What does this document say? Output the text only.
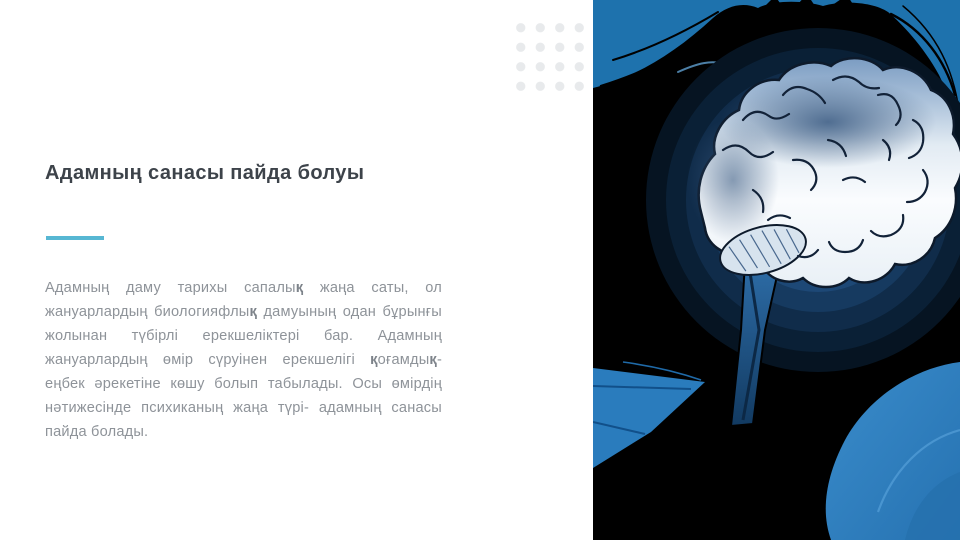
Адамның санасы пайда болуы
Адамның даму тарихы сапалық жаңа саты, ол жануарлардың биологияфлық дамуының одан бұрынғы жолынан түбірлі ерекшеліктері бар. Адамның жануарлардың өмір сүруінен ерекшелігі қоғамдық- еңбек әрекетіне көшу болып табылады. Осы өмірдің нәтижесінде психиканың жаңа түрі- адамның санасы пайда болады.
